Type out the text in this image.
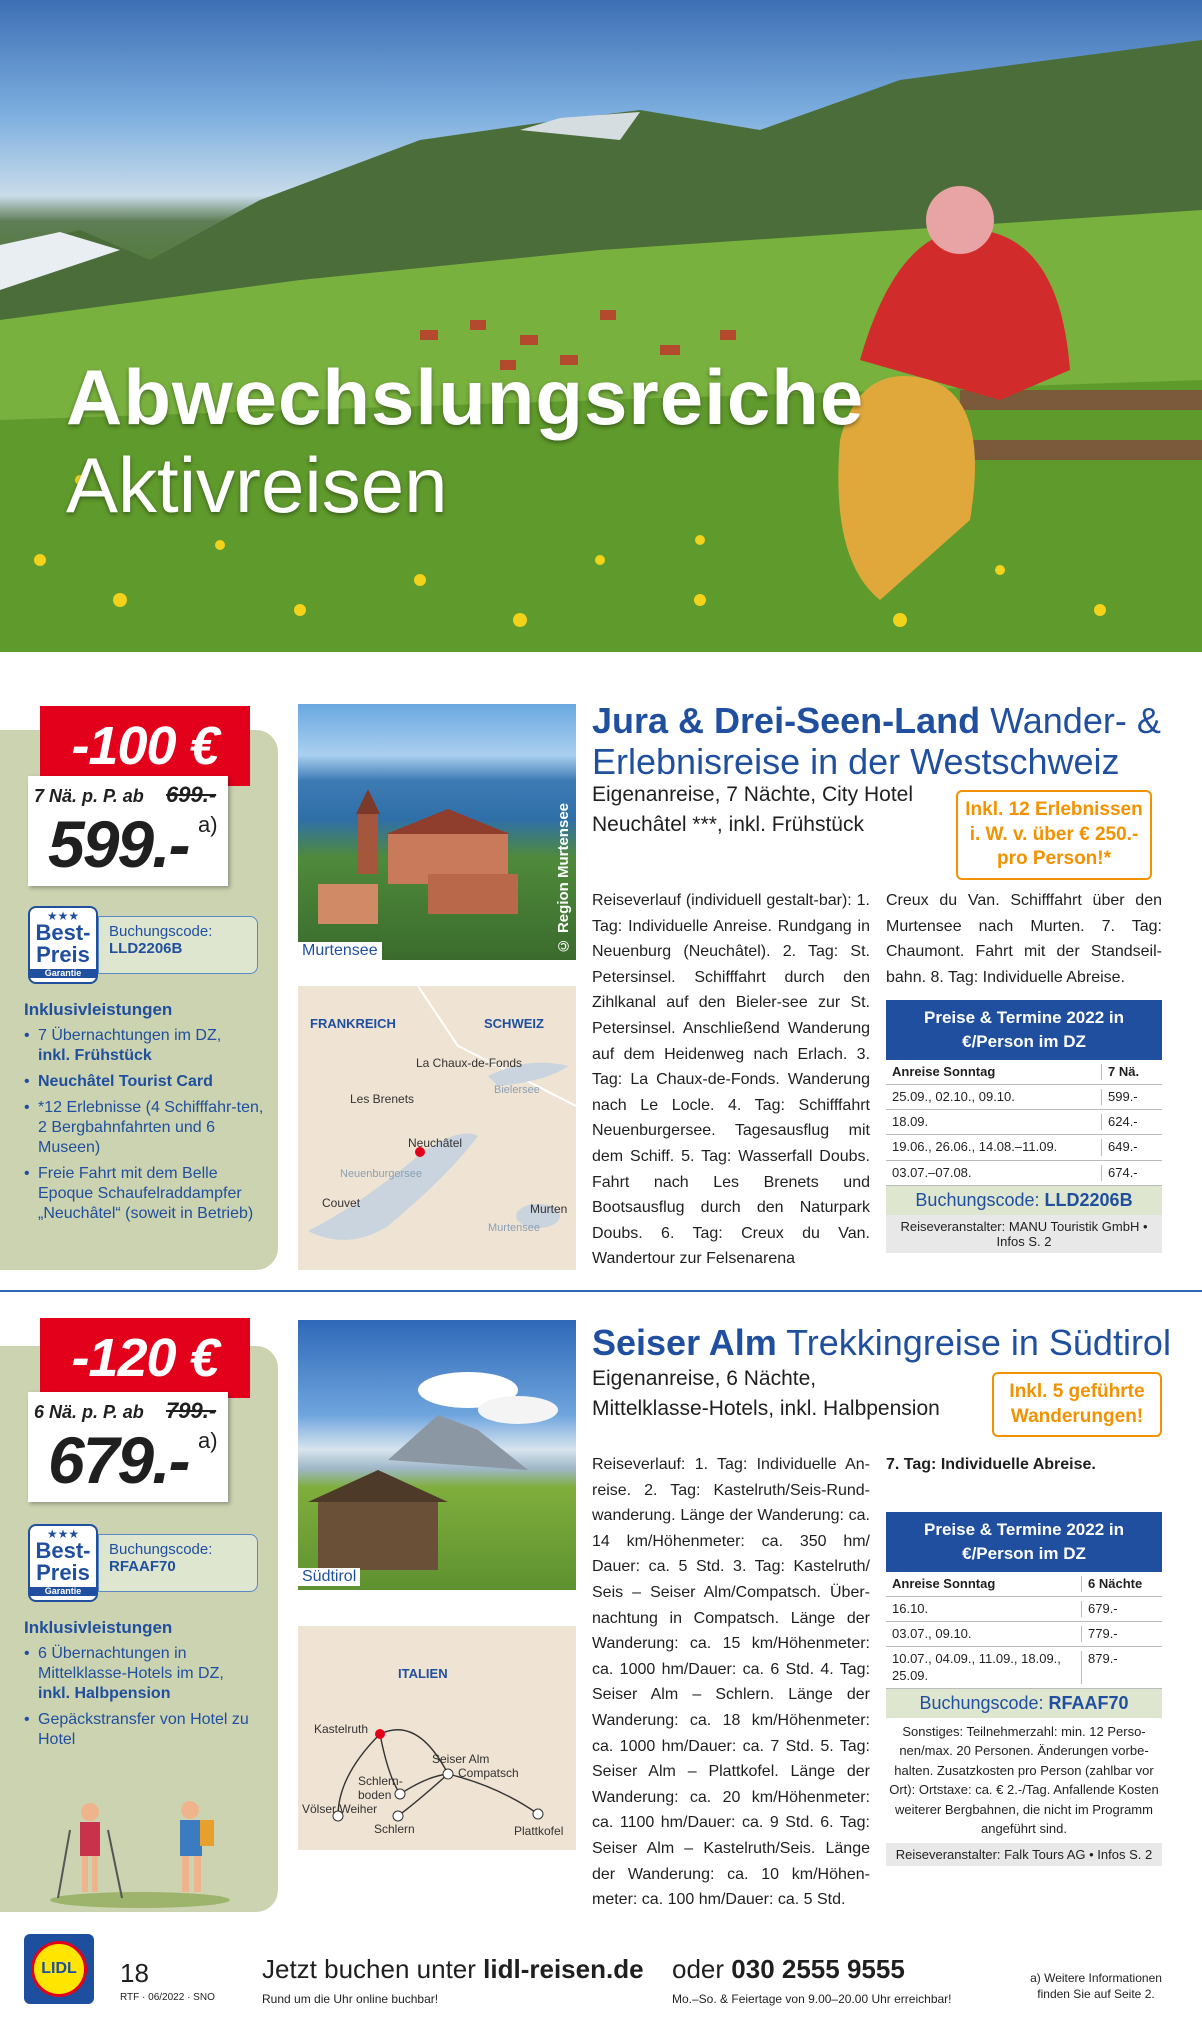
Abwechslungsreiche
Aktivreisen
-100 €
7 Nä. p. P. ab 699.-
599.- a)
★★★
Best-
Preis
Garantie
Buchungscode:
LLD2206B
Inklusivleistungen
• 7 Übernachtungen im DZ,
inkl. Frühstück
• Neuchâtel Tourist Card
• *12 Erlebnisse (4 Schifffahr-ten, 2 Bergbahnfahrten und 6 Museen)
• Freie Fahrt mit dem Belle Epoque Schaufelraddampfer „Neuchâtel“ (soweit in Betrieb)
© Region Murtensee
Murtensee
FRANKREICH	SCHWEIZ
La Chaux-de-Fonds
Les Brenets
Bielersee
Neuchâtel
Neuenburgersee
Couvet	Murten
Murtensee
Jura & Drei-Seen-Land Wander- &
Erlebnisreise in der Westschweiz
Eigenanreise, 7 Nächte, City Hotel
Neuchâtel ***, inkl. Frühstück
Inkl. 12 Erlebnissen i. W. v. über € 250.- pro Person!*
Reiseverlauf (individuell gestalt-bar): 1. Tag: Individuelle Anreise. Rundgang in Neuenburg (Neuchâtel). 2. Tag: St. Petersinsel. Schifffahrt durch den Zihlkanal auf den Bieler-see zur St. Petersinsel. Anschließend Wanderung auf dem Heidenweg nach Erlach. 3. Tag: La Chaux-de-Fonds. Wanderung nach Le Locle. 4. Tag: Schifffahrt Neuenburgersee. Tagesausflug mit dem Schiff. 5. Tag: Wasserfall Doubs. Fahrt nach Les Brenets und Bootsausflug durch den Naturpark Doubs. 6. Tag: Creux du Van. Wandertour zur Felsenarena
Creux du Van. Schifffahrt über den Murtensee nach Murten. 7. Tag: Chaumont. Fahrt mit der Standseil-bahn. 8. Tag: Individuelle Abreise.
Preise & Termine 2022 in €/Person im DZ
Anreise Sonntag	7 Nä.
25.09., 02.10., 09.10.	599.-
18.09.	624.-
19.06., 26.06., 14.08.–11.09.	649.-
03.07.–07.08.	674.-
Buchungscode: LLD2206B
Reiseveranstalter: MANU Touristik GmbH • Infos S. 2
-120 €
6 Nä. p. P. ab 799.-
679.- a)
★★★
Best-
Preis
Garantie
Buchungscode:
RFAAF70
Inklusivleistungen
• 6 Übernachtungen in Mittelklasse-Hotels im DZ,
inkl. Halbpension
• Gepäckstransfer von Hotel zu Hotel
Südtirol
ITALIEN
Kastelruth
Seiser Alm
Compatsch
Schlern-boden
Völser Weiher
Schlern	Plattkofel
Seiser Alm Trekkingreise in Südtirol
Eigenanreise, 6 Nächte,
Mittelklasse-Hotels, inkl. Halbpension
Inkl. 5 geführte Wanderungen!
Reiseverlauf: 1. Tag: Individuelle An-reise. 2. Tag: Kastelruth/Seis-Rund-wanderung. Länge der Wanderung: ca. 14 km/Höhenmeter: ca. 350 hm/ Dauer: ca. 5 Std. 3. Tag: Kastelruth/ Seis – Seiser Alm/Compatsch. Über-nachtung in Compatsch. Länge der Wanderung: ca. 15 km/Höhenmeter: ca. 1000 hm/Dauer: ca. 6 Std. 4. Tag: Seiser Alm – Schlern. Länge der Wanderung: ca. 18 km/Höhenmeter: ca. 1000 hm/Dauer: ca. 7 Std. 5. Tag: Seiser Alm – Plattkofel. Länge der Wanderung: ca. 20 km/Höhenmeter: ca. 1100 hm/Dauer: ca. 9 Std. 6. Tag: Seiser Alm – Kastelruth/Seis. Länge der Wanderung: ca. 10 km/Höhen-meter: ca. 100 hm/Dauer: ca. 5 Std.
7. Tag: Individuelle Abreise.
Preise & Termine 2022 in €/Person im DZ
Anreise Sonntag	6 Nächte
16.10.	679.-
03.07., 09.10.	779.-
10.07., 04.09., 11.09., 18.09., 25.09.
879.-
Buchungscode: RFAAF70
Sonstiges: Teilnehmerzahl: min. 12 Perso-nen/max. 20 Personen. Änderungen vorbe-halten. Zusatzkosten pro Person (zahlbar vor Ort): Ortstaxe: ca. € 2.-/Tag. Anfallende Kosten weiterer Bergbahnen, die nicht im Programm angeführt sind.
Reiseveranstalter: Falk Tours AG • Infos S. 2
LIDL	18
RTF · 06/2022 · SNO
Jetzt buchen unter lidl-reisen.de
Rund um die Uhr online buchbar!
oder 030 2555 9555
Mo.–So. & Feiertage von 9.00–20.00 Uhr erreichbar!
a) Weitere Informationen finden Sie auf Seite 2.
